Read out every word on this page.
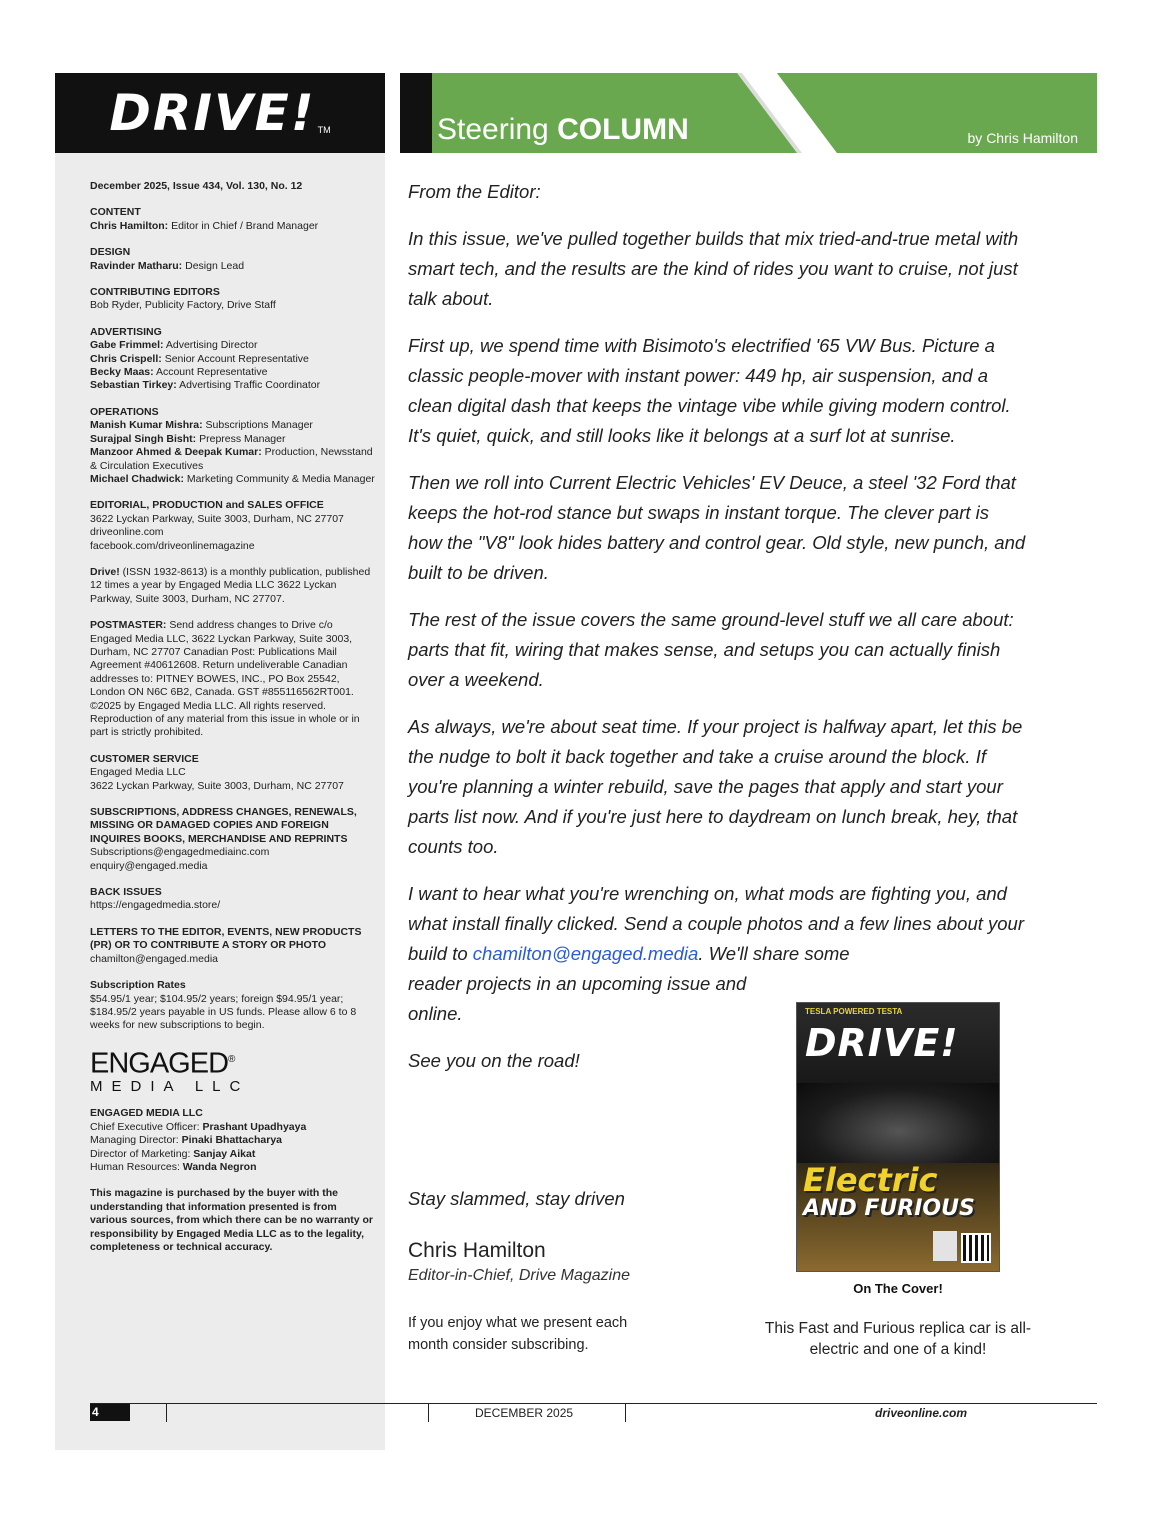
DRIVE! TM	Steering COLUMN	by Chris Hamilton
December 2025, Issue 434, Vol. 130, No. 12
CONTENT
Chris Hamilton: Editor in Chief / Brand Manager
DESIGN
Ravinder Matharu: Design Lead
CONTRIBUTING EDITORS
Bob Ryder, Publicity Factory, Drive Staff
ADVERTISING
Gabe Frimmel: Advertising Director
Chris Crispell: Senior Account Representative
Becky Maas: Account Representative
Sebastian Tirkey: Advertising Traffic Coordinator
OPERATIONS
Manish Kumar Mishra: Subscriptions Manager
Surajpal Singh Bisht: Prepress Manager
Manzoor Ahmed & Deepak Kumar: Production, Newsstand & Circulation Executives
Michael Chadwick: Marketing Community & Media Manager
EDITORIAL, PRODUCTION and SALES OFFICE
3622 Lyckan Parkway, Suite 3003, Durham, NC 27707
driveonline.com
facebook.com/driveonlinemagazine
Drive! (ISSN 1932-8613) is a monthly publication, published 12 times a year by Engaged Media LLC 3622 Lyckan Parkway, Suite 3003, Durham, NC 27707.
POSTMASTER: Send address changes to Drive c/o Engaged Media LLC, 3622 Lyckan Parkway, Suite 3003, Durham, NC 27707 Canadian Post: Publications Mail Agreement #40612608. Return undeliverable Canadian addresses to: PITNEY BOWES, INC., PO Box 25542, London ON N6C 6B2, Canada. GST #855116562RT001. ©2025 by Engaged Media LLC. All rights reserved. Reproduction of any material from this issue in whole or in part is strictly prohibited.
CUSTOMER SERVICE
Engaged Media LLC
3622 Lyckan Parkway, Suite 3003, Durham, NC 27707
SUBSCRIPTIONS, ADDRESS CHANGES, RENEWALS, MISSING OR DAMAGED COPIES AND FOREIGN INQUIRES BOOKS, MERCHANDISE AND REPRINTS
Subscriptions@engagedmediainc.com
enquiry@engaged.media
BACK ISSUES
https://engagedmedia.store/
LETTERS TO THE EDITOR, EVENTS, NEW PRODUCTS (PR) OR TO CONTRIBUTE A STORY OR PHOTO
chamilton@engaged.media
Subscription Rates
$54.95/1 year; $104.95/2 years; foreign $94.95/1 year; $184.95/2 years payable in US funds. Please allow 6 to 8 weeks for new subscriptions to begin.
ENGAGED®
MEDIA LLC
ENGAGED MEDIA LLC
Chief Executive Officer: Prashant Upadhyaya
Managing Director: Pinaki Bhattacharya
Director of Marketing: Sanjay Aikat
Human Resources: Wanda Negron
This magazine is purchased by the buyer with the understanding that information presented is from various sources, from which there can be no warranty or responsibility by Engaged Media LLC as to the legality, completeness or technical accuracy.

From the Editor:

In this issue, we've pulled together builds that mix tried-and-true metal with smart tech, and the results are the kind of rides you want to cruise, not just talk about.

First up, we spend time with Bisimoto's electrified '65 VW Bus. Picture a classic people-mover with instant power: 449 hp, air suspension, and a clean digital dash that keeps the vintage vibe while giving modern control. It's quiet, quick, and still looks like it belongs at a surf lot at sunrise.

Then we roll into Current Electric Vehicles' EV Deuce, a steel '32 Ford that keeps the hot-rod stance but swaps in instant torque. The clever part is how the "V8" look hides battery and control gear. Old style, new punch, and built to be driven.

The rest of the issue covers the same ground-level stuff we all care about: parts that fit, wiring that makes sense, and setups you can actually finish over a weekend.

As always, we're about seat time. If your project is halfway apart, let this be the nudge to bolt it back together and take a cruise around the block. If you're planning a winter rebuild, save the pages that apply and start your parts list now. And if you're just here to daydream on lunch break, hey, that counts too.

I want to hear what you're wrenching on, what mods are fighting you, and what install finally clicked. Send a couple photos and a few lines about your build to chamilton@engaged.media. We'll share some

reader projects in an upcoming issue and online.

See you on the road!

Stay slammed, stay driven
Chris Hamilton
Editor-in-Chief, Drive Magazine
If you enjoy what we present each month consider subscribing.
TESLA POWERED TESTA
DRIVE!
Electric
AND FURIOUS
On The Cover!
This Fast and Furious replica car is all-electric and one of a kind!
4	DECEMBER 2025	driveonline.com
